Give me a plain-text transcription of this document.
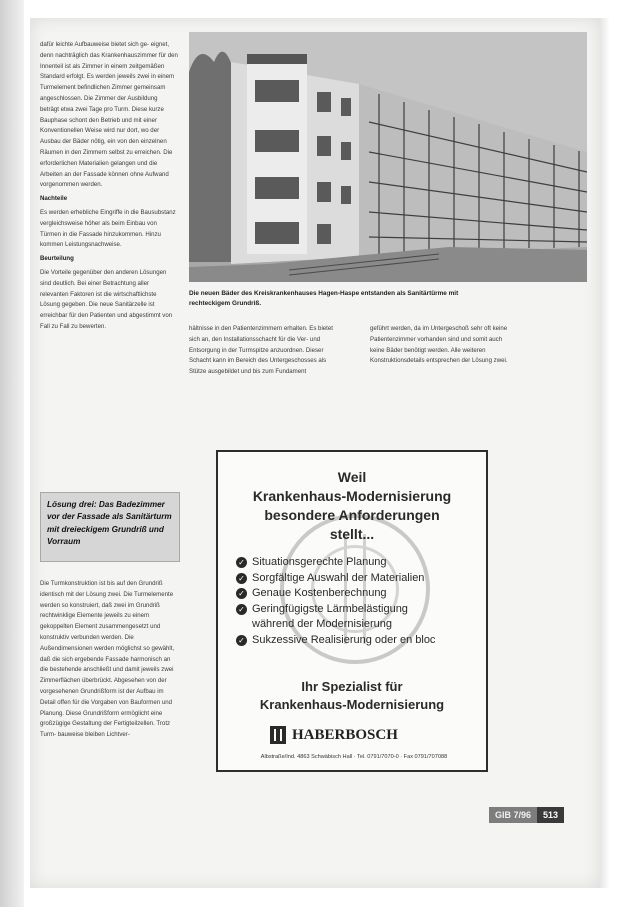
dafür leichte Aufbauweise bietet sich ge- eignet, denn nachträglich das Krankenhauszimmer für den Innenteil ist als Zimmer in einem zeitgemäßen Standard erfolgt. Es werden jeweils zwei in einem Turmelement befindlichen Zimmer gemeinsam angeschlossen. Die Zimmer der Ausbildung beträgt etwa zwei Tage pro Turm. Diese kurze Bauphase schont den Betrieb und mit einer Konventionellen Weise wird nur dort, wo der Ausbau der Bäder nötig, ein von den einzelnen Räumen in den Zimmern selbst zu erreichen. Die erforderlichen Materialien gelangen und die Arbeiten an der Fassade können ohne Aufwand vorgenommen werden.

Nachteile

Es werden erhebliche Eingriffe in die Bausubstanz vergleichsweise höher als beim Einbau von Türmen in die Fassade hinzukommen. Hinzu kommen Leistungsnachweise.

Beurteilung

Die Vorteile gegenüber den anderen Lösungen sind deutlich. Bei einer Betrachtung aller relevanten Faktoren ist die wirtschaftlichste Lösung gegeben. Die neue Sanitärzelle ist erreichbar für den Patienten und abgestimmt von Fall zu Fall zu bewerten.

Lösung drei: Das Badezimmer vor der Fassade als Sanitärturm mit dreieckigem Grundriß und Vorraum

Die Turmkonstruktion ist bis auf den Grundriß identisch mit der Lösung zwei. Die Turmelemente werden so konstruiert, daß zwei im Grundriß rechtwinklige Elemente jeweils zu einem gekoppelten Element zusammengesetzt und konstruktiv verbunden werden. Die Außendimensionen werden möglichst so gewählt, daß die sich ergebende Fassade harmonisch an die bestehende anschließt und damit jeweils zwei Zimmerflächen überbrückt. Abgesehen von der vorgesehenen Grundrißform ist der Aufbau im Detail offen für die Vorgaben von Bauformen und Planung. Diese Grundrißform ermöglicht eine großzügige Gestaltung der Fertigteilzellen. Trotz Turm- bauweise bleiben Lichtver-

Die neuen Bäder des Kreiskrankenhauses Hagen-Haspe entstanden als Sanitärtürme mit rechteckigem Grundriß.
hältnisse in den Patientenzimmern erhalten. Es bietet sich an, den Installationsschacht für die Ver- und Entsorgung in der Turmspitze anzuordnen. Dieser Schacht kann im Bereich des Untergeschosses als Stütze ausgebildet und bis zum Fundament
geführt werden, da im Untergeschoß sehr oft keine Patientenzimmer vorhanden sind und somit auch keine Bäder benötigt werden. Alle weiteren Konstruktionsdetails entsprechen der Lösung zwei.
Weil
Krankenhaus-Modernisierung
besondere Anforderungen
stellt...
✓ Situationsgerechte Planung
✓ Sorgfältige Auswahl der Materialien
✓ Genaue Kostenberechnung
✓ Geringfügigste Lärmbelästigung
während der Modernisierung
✓ Sukzessive Realisierung oder en bloc
Ihr Spezialist für
Krankenhaus-Modernisierung
HABERBOSCH
Albstraße/Ind. 4863 Schwäbisch Hall · Tel. 0791/7070-0 · Fax 0791/707088
GIB 7/96	513
